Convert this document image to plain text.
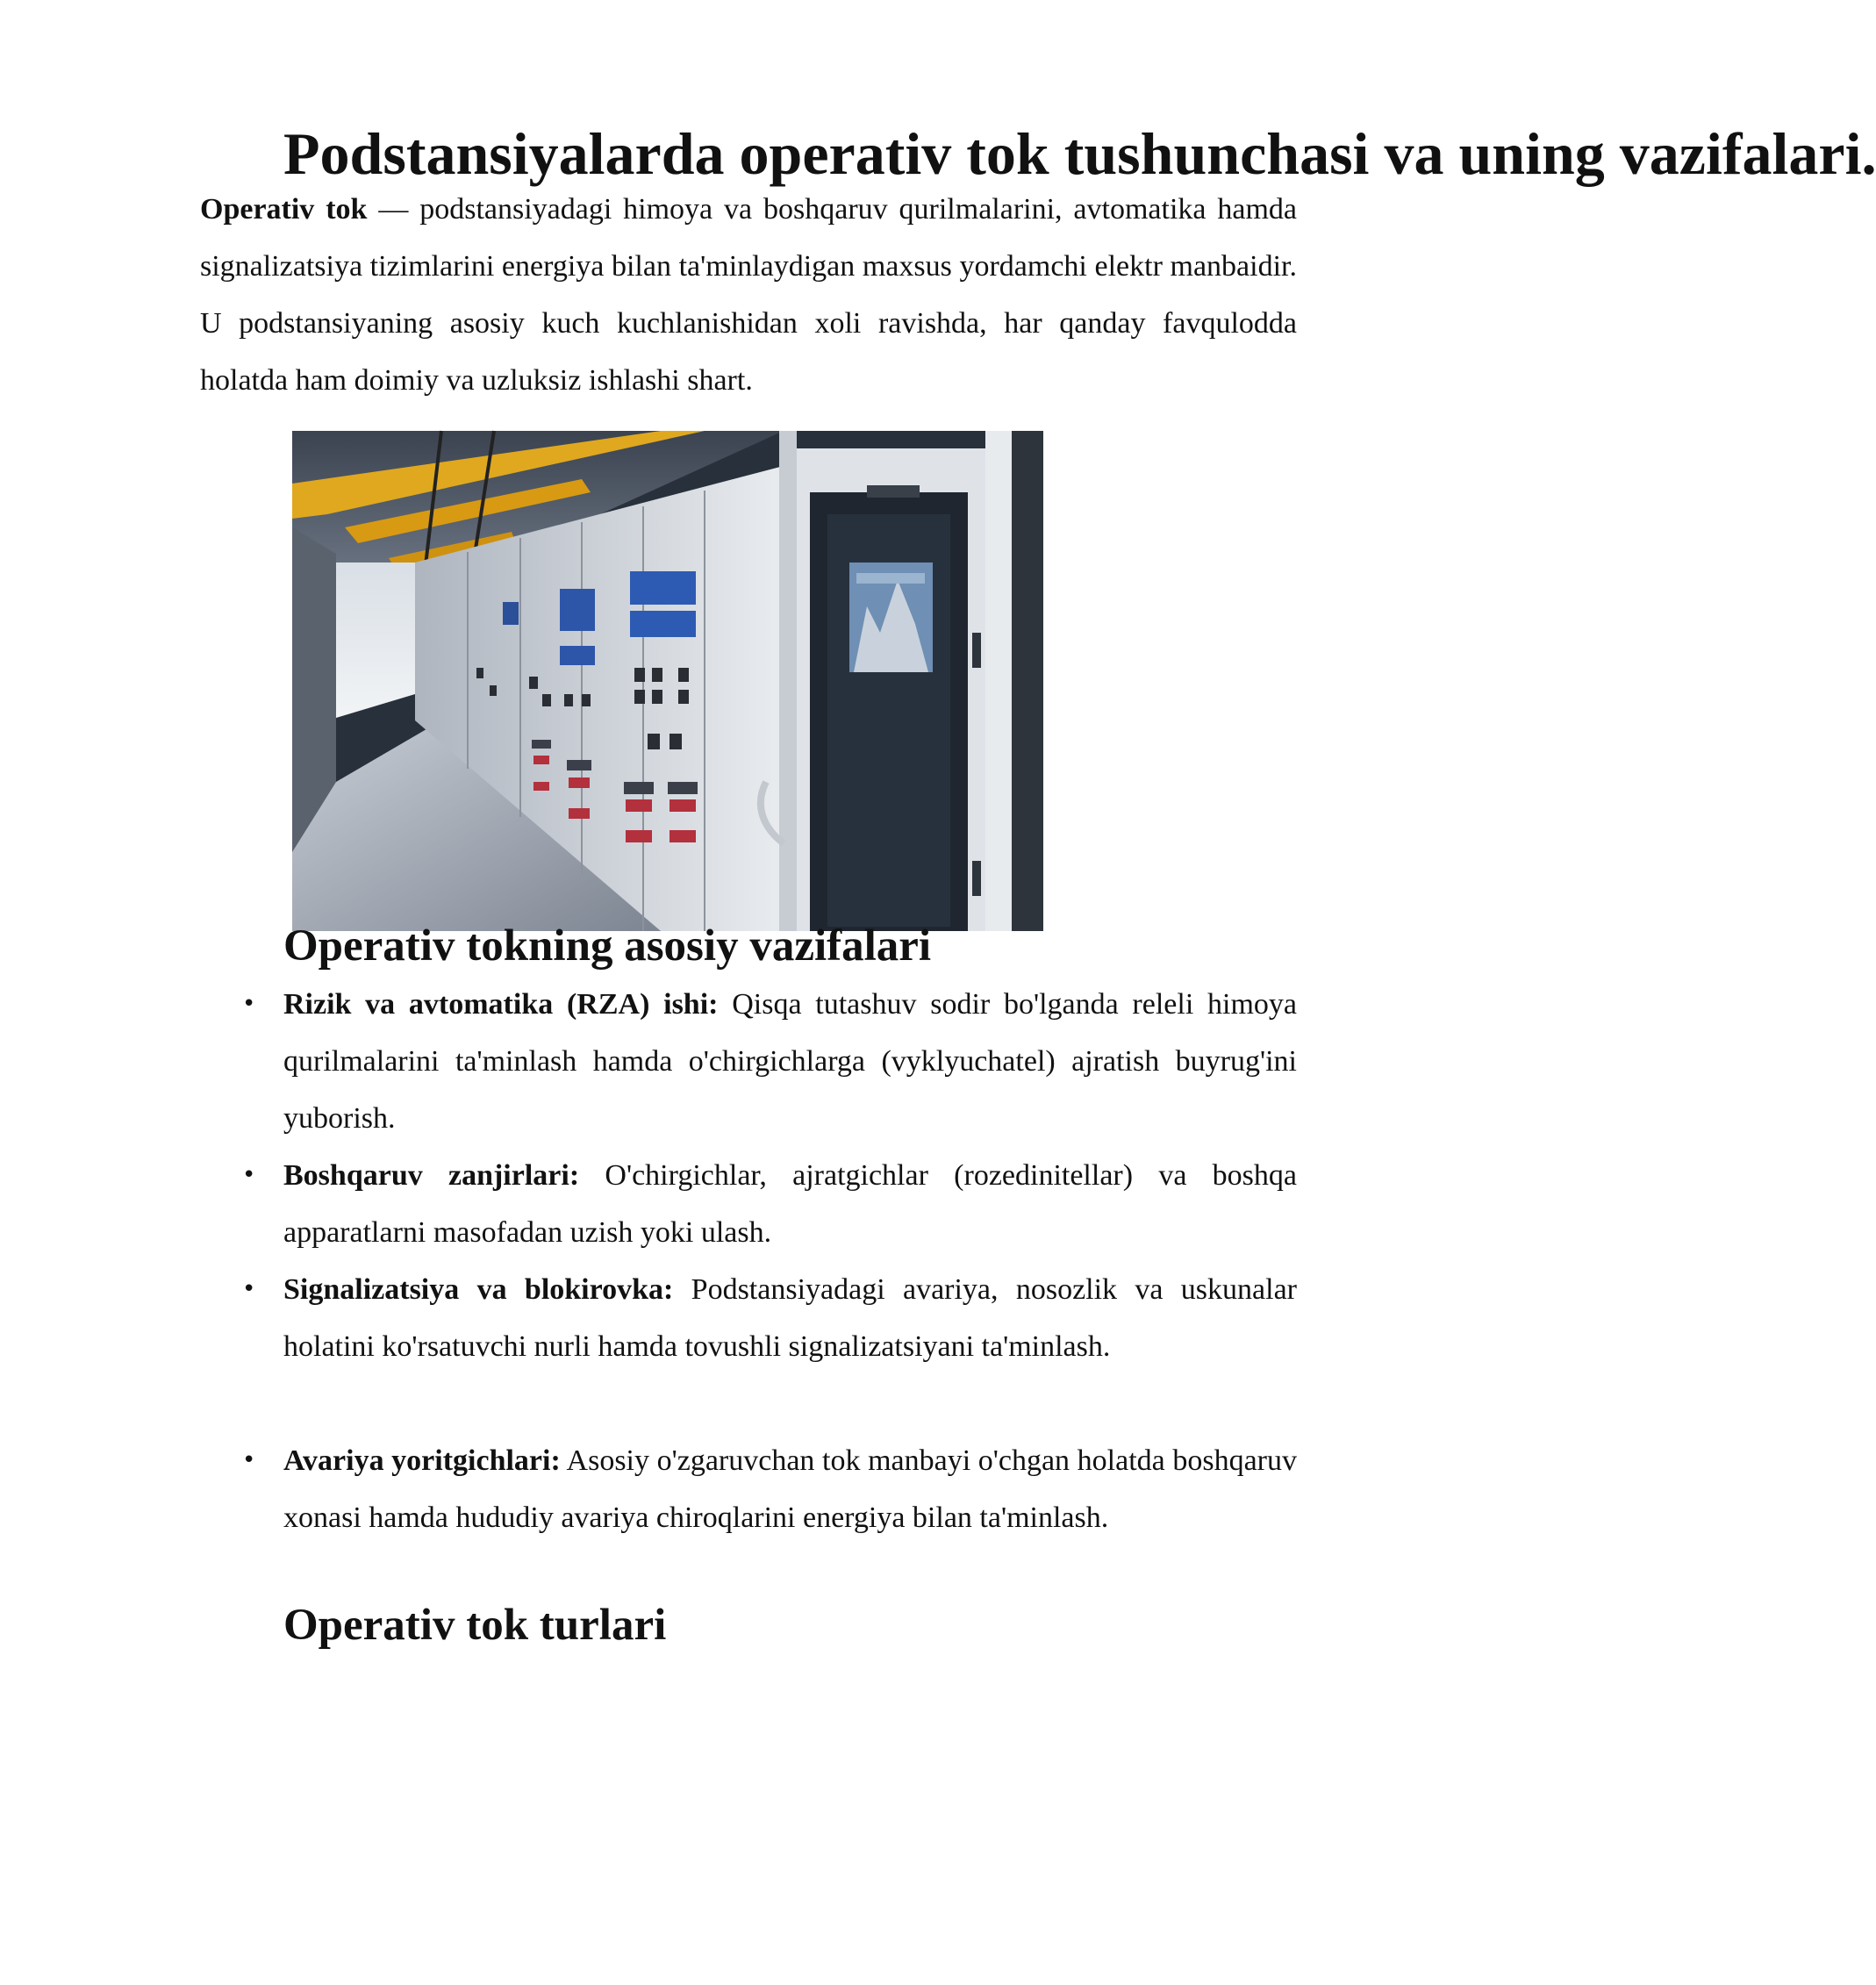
Podstansiyalarda operativ tok tushunchasi va uning vazifalari.

Operativ tok — podstansiyadagi himoya va boshqaruv qurilmalarini, avtomatika hamda signalizatsiya tizimlarini energiya bilan ta'minlaydigan maxsus yordamchi elektr manbaidir. U podstansiyaning asosiy kuch kuchlanishidan xoli ravishda, har qanday favqulodda holatda ham doimiy va uzluksiz ishlashi shart.

Operativ tokning asosiy vazifalari
• Rizik va avtomatika (RZA) ishi: Qisqa tutashuv sodir bo'lganda releli himoya qurilmalarini ta'minlash hamda o'chirgichlarga (vyklyuchatel) ajratish buyrug'ini yuborish.
• Boshqaruv zanjirlari: O'chirgichlar, ajratgichlar (rozedinitellar) va boshqa apparatlarni masofadan uzish yoki ulash.
• Signalizatsiya va blokirovka: Podstansiyadagi avariya, nosozlik va uskunalar holatini ko'rsatuvchi nurli hamda tovushli signalizatsiyani ta'minlash.
• Avariya yoritgichlari: Asosiy o'zgaruvchan tok manbayi o'chgan holatda boshqaruv xonasi hamda hududiy avariya chiroqlarini energiya bilan ta'minlash.
Operativ tok turlari
